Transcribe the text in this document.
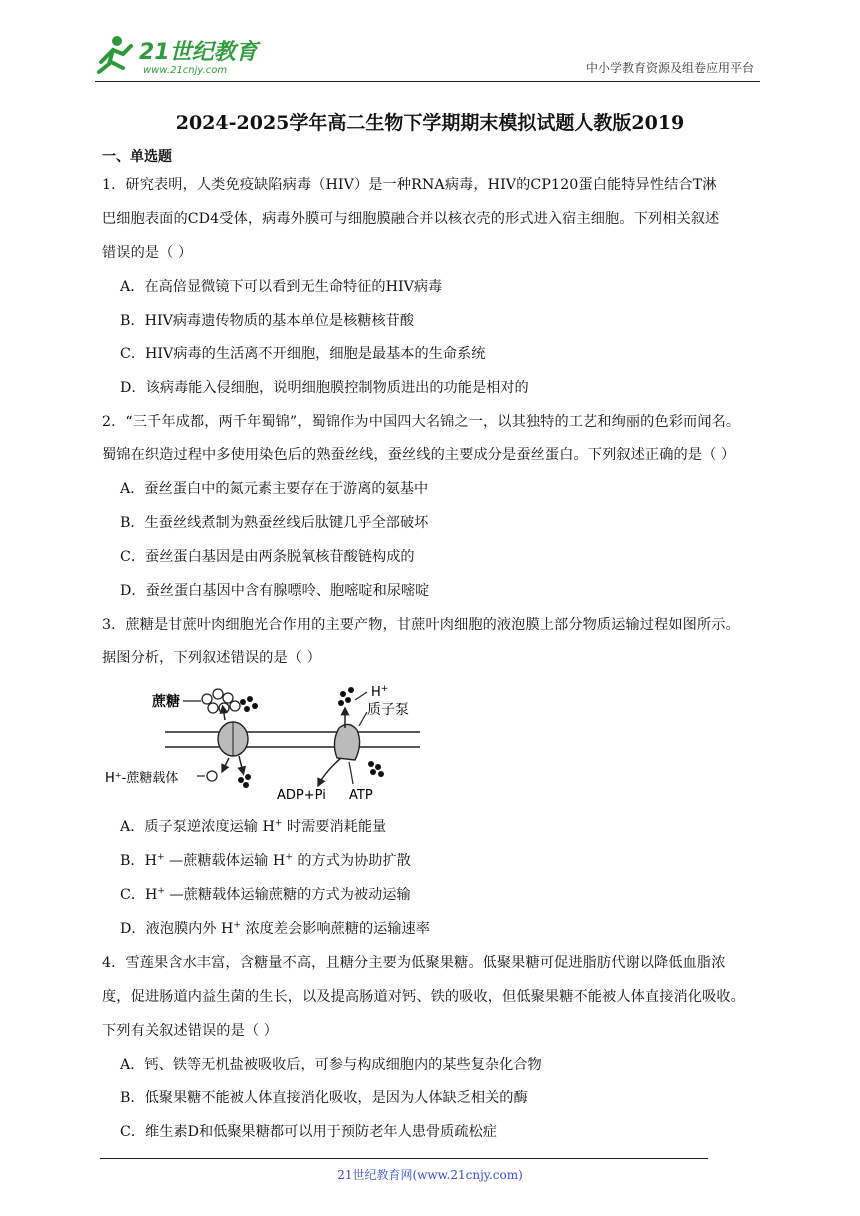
21世纪教育
www.21cnjy.com	中小学教育资源及组卷应用平台
2024-2025学年高二生物下学期期末模拟试题人教版2019
一、单选题
1．研究表明，人类免疫缺陷病毒（HIV）是一种RNA病毒，HIV的CP120蛋白能特异性结合T淋
巴细胞表面的CD4受体，病毒外膜可与细胞膜融合并以核衣壳的形式进入宿主细胞。下列相关叙述
错误的是（ ）
A．在高倍显微镜下可以看到无生命特征的HIV病毒
B．HIV病毒遗传物质的基本单位是核糖核苷酸
C．HIV病毒的生活离不开细胞，细胞是最基本的生命系统
D．该病毒能入侵细胞，说明细胞膜控制物质进出的功能是相对的
2．“三千年成都，两千年蜀锦”，蜀锦作为中国四大名锦之一，以其独特的工艺和绚丽的色彩而闻名。
蜀锦在织造过程中多使用染色后的熟蚕丝线，蚕丝线的主要成分是蚕丝蛋白。下列叙述正确的是（ ）
A．蚕丝蛋白中的氮元素主要存在于游离的氨基中
B．生蚕丝线煮制为熟蚕丝线后肽键几乎全部破坏
C．蚕丝蛋白基因是由两条脱氧核苷酸链构成的
D．蚕丝蛋白基因中含有腺嘌呤、胞嘧啶和尿嘧啶
3．蔗糖是甘蔗叶肉细胞光合作用的主要产物，甘蔗叶肉细胞的液泡膜上部分物质运输过程如图所示。
据图分析，下列叙述错误的是（ ）
蔗糖
H⁺-蔗糖载体
H+
质子泵
ADP+Pi ATP
A．质子泵逆浓度运输 H+ 时需要消耗能量
B．H+ —蔗糖载体运输 H+ 的方式为协助扩散
C．H+ —蔗糖载体运输蔗糖的方式为被动运输
D．液泡膜内外 H+ 浓度差会影响蔗糖的运输速率
4．雪莲果含水丰富，含糖量不高，且糖分主要为低聚果糖。低聚果糖可促进脂肪代谢以降低血脂浓
度，促进肠道内益生菌的生长，以及提高肠道对钙、铁的吸收，但低聚果糖不能被人体直接消化吸收。
下列有关叙述错误的是（ ）
A．钙、铁等无机盐被吸收后，可参与构成细胞内的某些复杂化合物
B．低聚果糖不能被人体直接消化吸收，是因为人体缺乏相关的酶
C．维生素D和低聚果糖都可以用于预防老年人患骨质疏松症
21世纪教育网(www.21cnjy.com)
